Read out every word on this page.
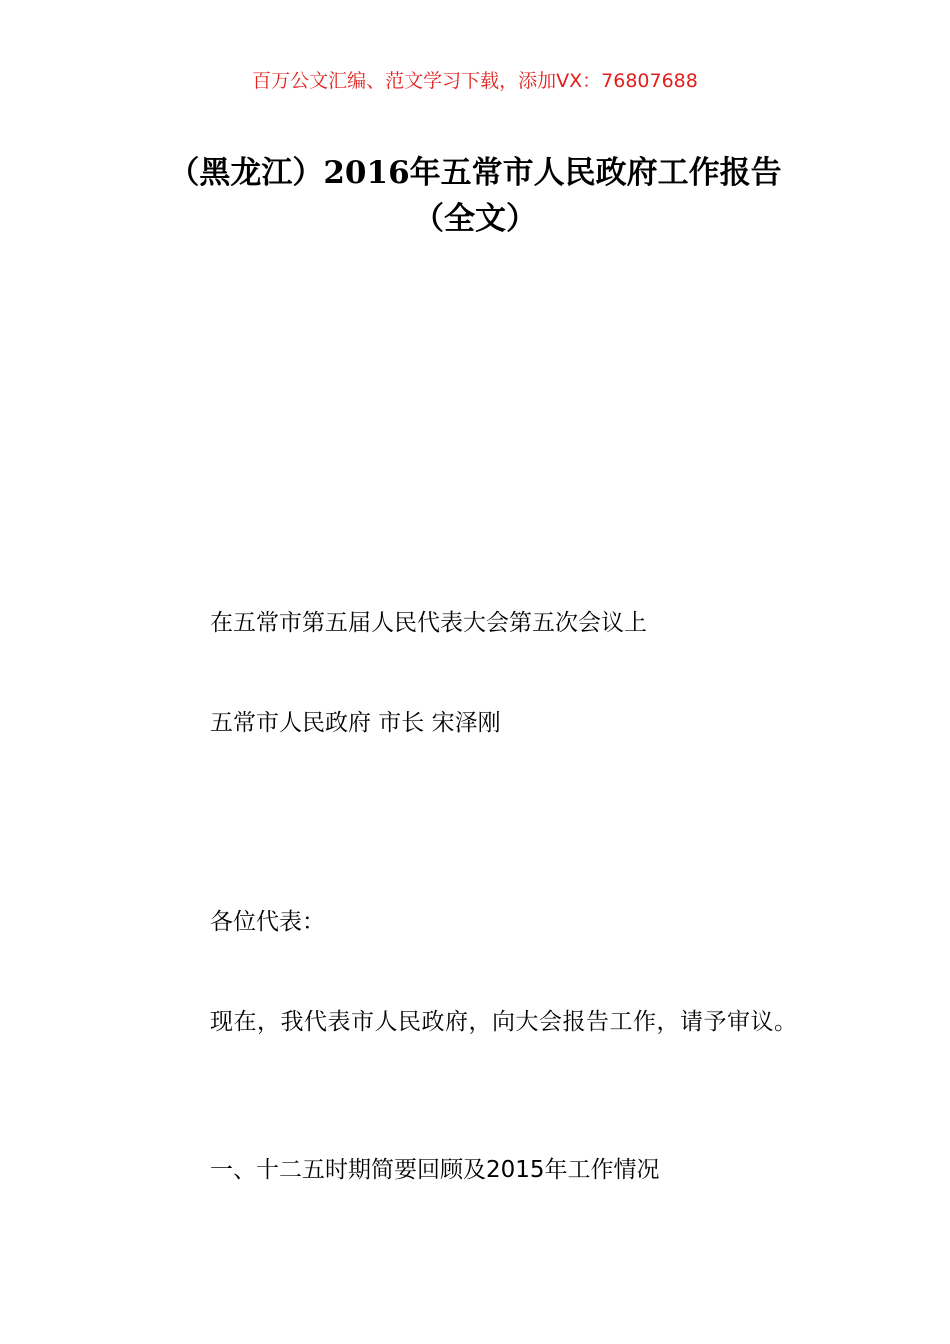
百万公文汇编、范文学习下载，添加VX：76807688
（黑龙江）2016年五常市人民政府工作报告（全文）

在五常市第五届人民代表大会第五次会议上

五常市人民政府 市长 宋泽刚

各位代表：

现在，我代表市人民政府，向大会报告工作，请予审议。

一、十二五时期简要回顾及2015年工作情况
